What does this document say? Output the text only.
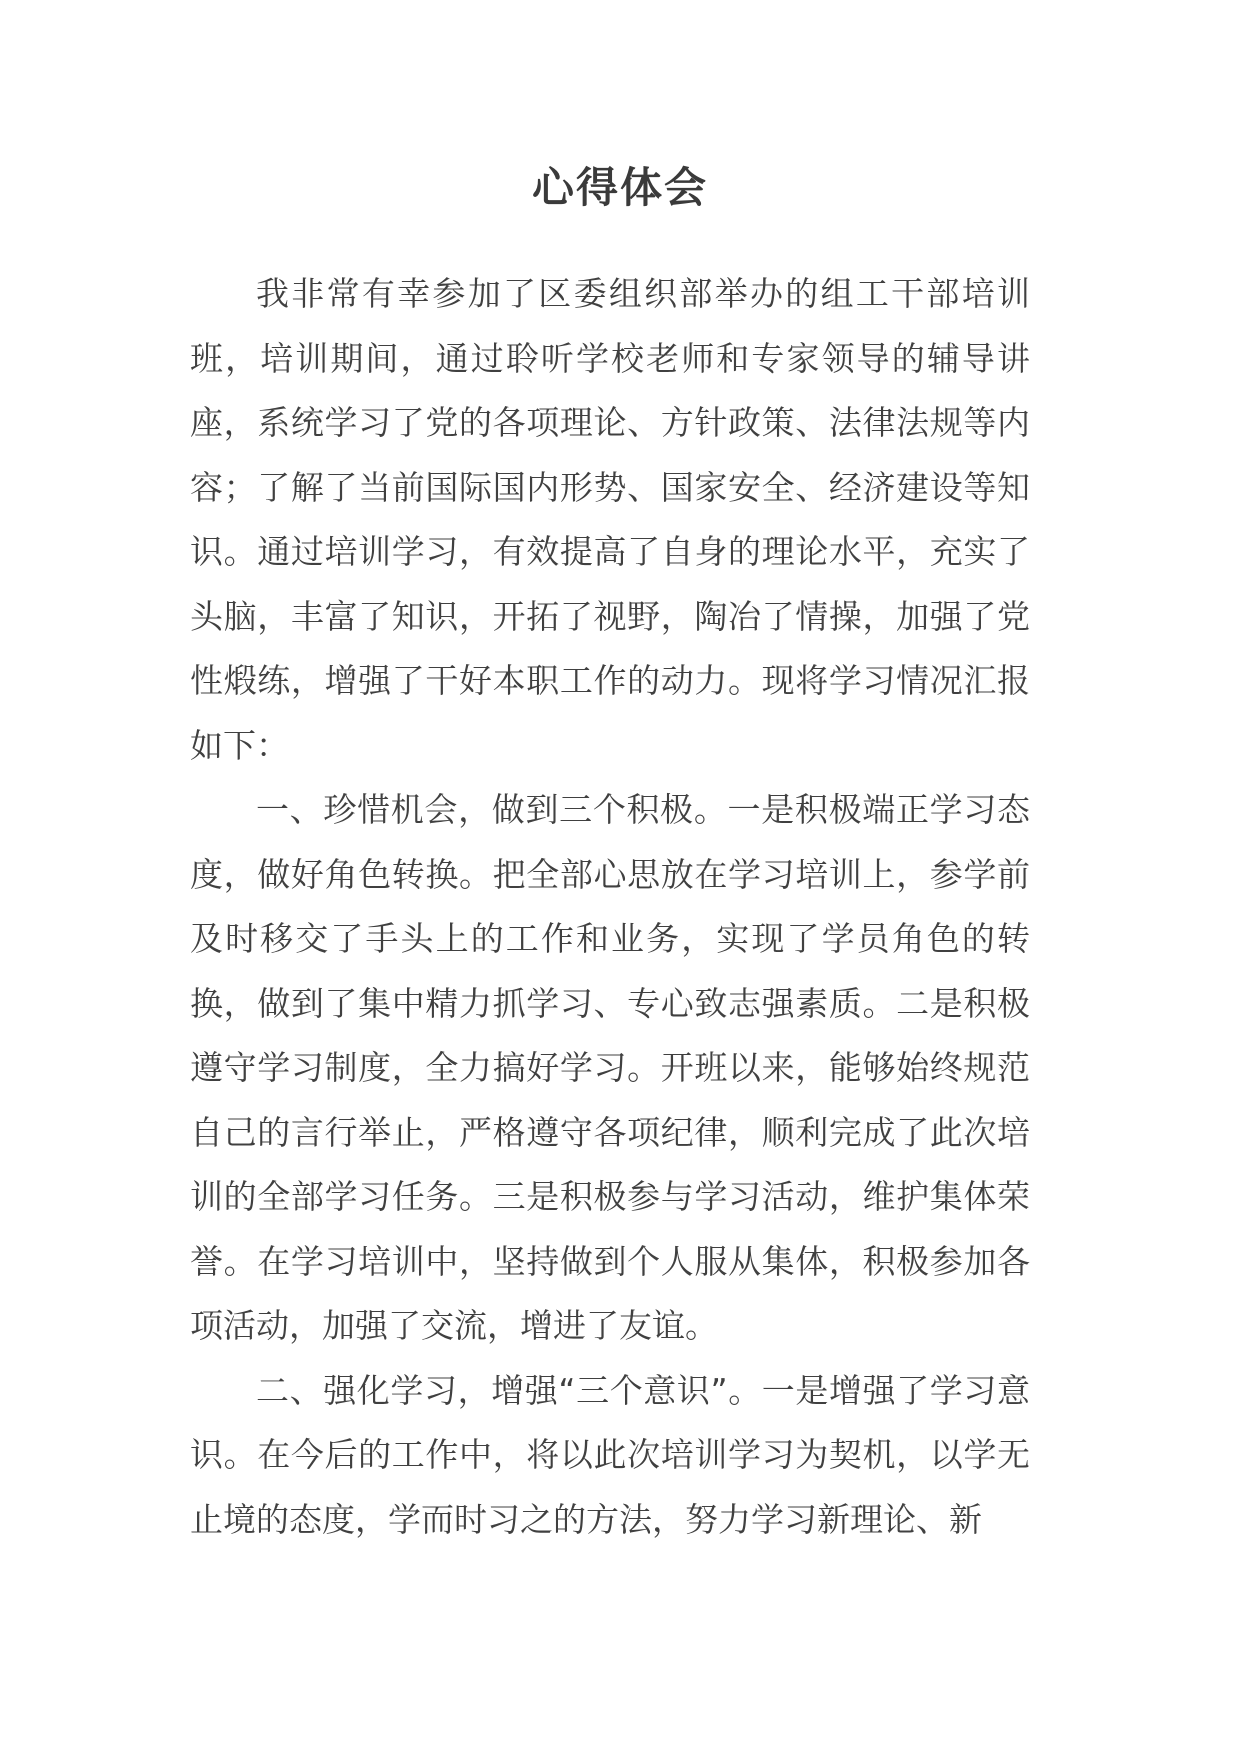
心得体会

我非常有幸参加了区委组织部举办的组工干部培训班，培训期间，通过聆听学校老师和专家领导的辅导讲座，系统学习了党的各项理论、方针政策、法律法规等内容；了解了当前国际国内形势、国家安全、经济建设等知识。通过培训学习，有效提高了自身的理论水平，充实了头脑，丰富了知识，开拓了视野，陶冶了情操，加强了党性煅练，增强了干好本职工作的动力。现将学习情况汇报如下：

一、珍惜机会，做到三个积极。一是积极端正学习态度，做好角色转换。把全部心思放在学习培训上，参学前及时移交了手头上的工作和业务，实现了学员角色的转换，做到了集中精力抓学习、专心致志强素质。二是积极遵守学习制度，全力搞好学习。开班以来，能够始终规范自己的言行举止，严格遵守各项纪律，顺利完成了此次培训的全部学习任务。三是积极参与学习活动，维护集体荣誉。在学习培训中，坚持做到个人服从集体，积极参加各项活动，加强了交流，增进了友谊。

二、强化学习，增强“三个意识”。一是增强了学习意识。在今后的工作中，将以此次培训学习为契机，以学无止境的态度，学而时习之的方法，努力学习新理论、新
